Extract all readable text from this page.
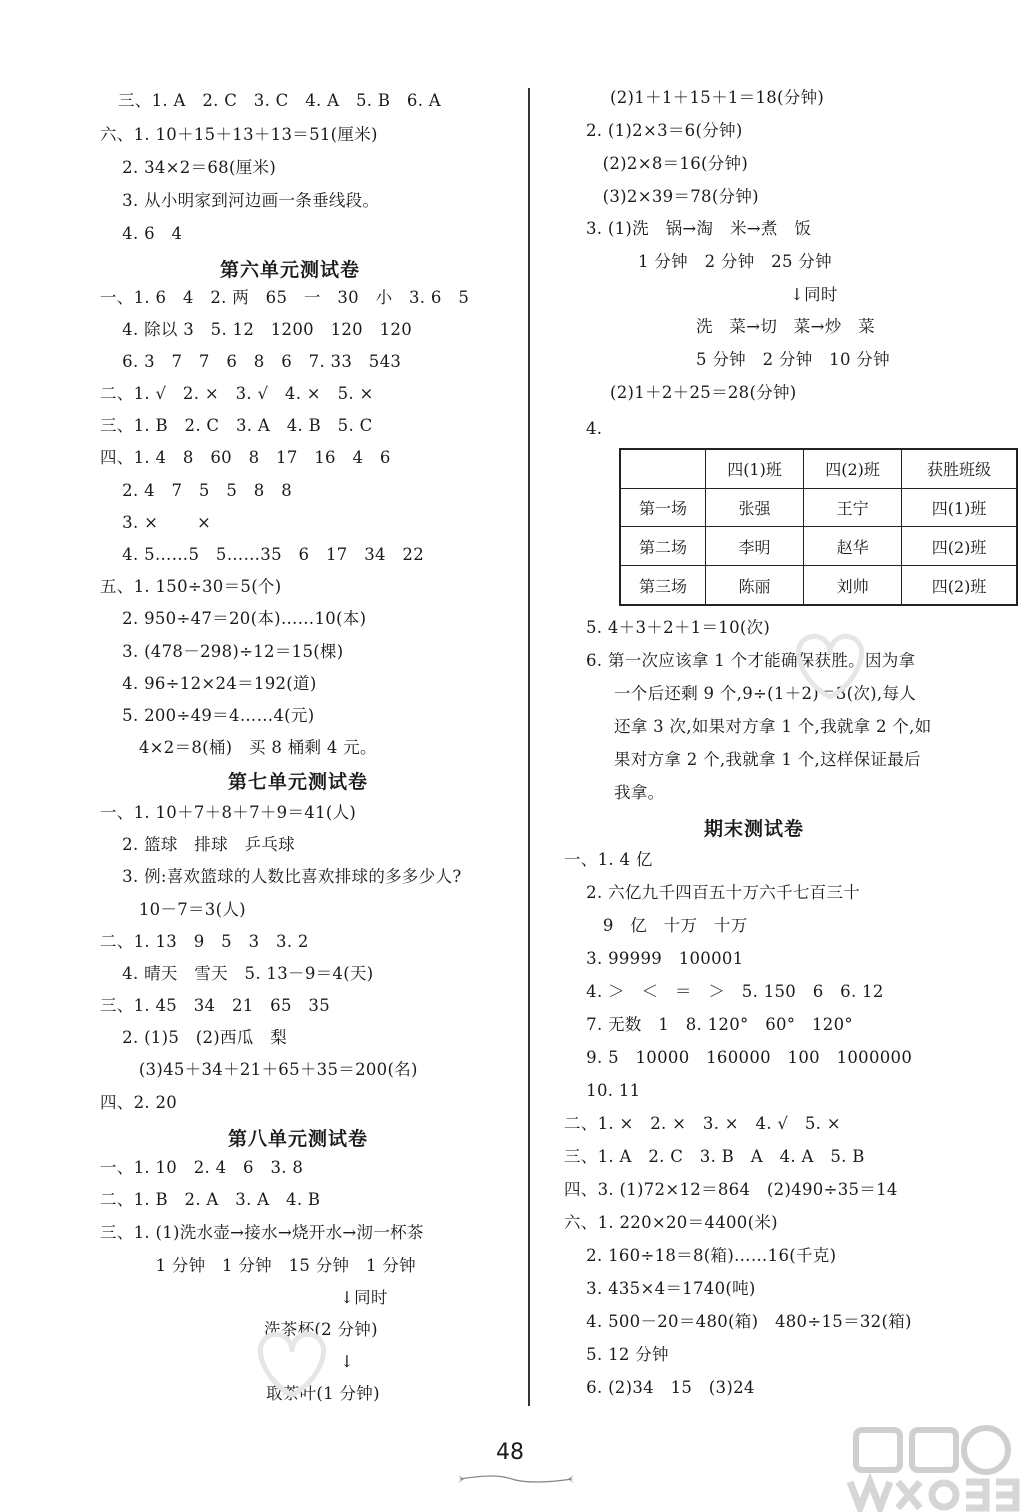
三、1. A   2. C   3. C   4. A   5. B   6. A
六、1. 10＋15＋13＋13＝51(厘米)
2. 34×2＝68(厘米)
3. 从小明家到河边画一条垂线段。
4. 6   4
第六单元测试卷
一、1. 6   4   2. 两   65   一   30   小   3. 6   5
4. 除以 3   5. 12   1200   120   120
6. 3   7   7   6   8   6   7. 33   543
二、1. √   2. ×   3. √   4. ×   5. ×
三、1. B   2. C   3. A   4. B   5. C
四、1. 4   8   60   8   17   16   4   6
2. 4   7   5   5   8   8
3. ×       ×
4. 5……5   5……35   6   17   34   22
五、1. 150÷30＝5(个)
2. 950÷47＝20(本)……10(本)
3. (478－298)÷12＝15(棵)
4. 96÷12×24＝192(道)
5. 200÷49＝4……4(元)
4×2＝8(桶)   买 8 桶剩 4 元。
第七单元测试卷
一、1. 10＋7＋8＋7＋9＝41(人)
2. 篮球   排球   乒乓球
3. 例:喜欢篮球的人数比喜欢排球的多多少人?
10－7＝3(人)
二、1. 13   9   5   3   3. 2
4. 晴天   雪天   5. 13－9＝4(天)
三、1. 45   34   21   65   35
2. (1)5   (2)西瓜   梨
(3)45＋34＋21＋65＋35＝200(名)
四、2. 20
第八单元测试卷
一、1. 10   2. 4   6   3. 8
二、1. B   2. A   3. A   4. B
三、1. (1)洗水壶→接水→烧开水→沏一杯茶
1 分钟   1 分钟   15 分钟   1 分钟
↓同时
洗茶杯(2 分钟)
↓
取茶叶(1 分钟)
(2)1＋1＋15＋1＝18(分钟)
2. (1)2×3＝6(分钟)
(2)2×8＝16(分钟)
(3)2×39＝78(分钟)
3. (1)洗   锅→淘   米→煮   饭
1 分钟   2 分钟   25 分钟
↓同时
洗   菜→切   菜→炒   菜
5 分钟   2 分钟   10 分钟
(2)1＋2＋25＝28(分钟)
4.
	四(1)班	四(2)班	获胜班级
第一场	张强	王宁	四(1)班
第二场	李明	赵华	四(2)班
第三场	陈丽	刘帅	四(2)班
5. 4＋3＋2＋1＝10(次)
6. 第一次应该拿 1 个才能确保获胜。因为拿
一个后还剩 9 个,9÷(1＋2)＝3(次),每人
还拿 3 次,如果对方拿 1 个,我就拿 2 个,如
果对方拿 2 个,我就拿 1 个,这样保证最后
我拿。
期末测试卷
一、1. 4 亿
2. 六亿九千四百五十万六千七百三十
9   亿   十万   十万
3. 99999   100001
4. ＞   ＜   ＝   ＞   5. 150   6   6. 12
7. 无数   1   8. 120°   60°   120°
9. 5   10000   160000   100   1000000
10. 11
二、1. ×   2. ×   3. ×   4. √   5. ×
三、1. A   2. C   3. B   A   4. A   5. B
四、3. (1)72×12＝864   (2)490÷35＝14
六、1. 220×20＝4400(米)
2. 160÷18＝8(箱)……16(千克)
3. 435×4＝1740(吨)
4. 500－20＝480(箱)   480÷15＝32(箱)
5. 12 分钟
6. (2)34   15   (3)24
48
